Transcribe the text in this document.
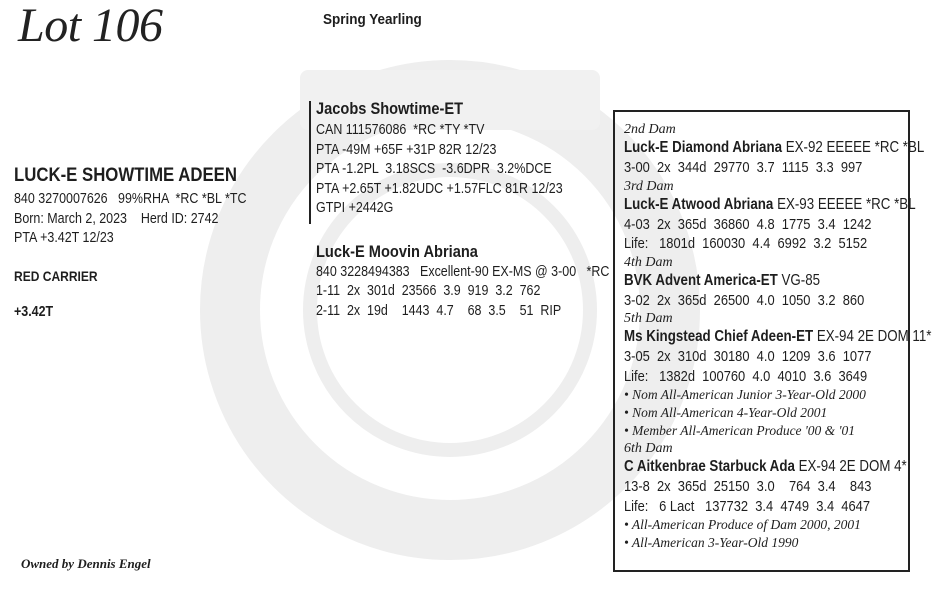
Lot 106	Spring Yearling
LUCK-E SHOWTIME ADEEN
840 3270007626   99%RHA  *RC *BL *TC
Born: March 2, 2023    Herd ID: 2742
PTA +3.42T 12/23
RED CARRIER
+3.42T
Owned by Dennis Engel
Jacobs Showtime-ET
CAN 111576086  *RC *TY *TV
PTA -49M +65F +31P 82R 12/23
PTA -1.2PL  3.18SCS  -3.6DPR  3.2%DCE
PTA +2.65T +1.82UDC +1.57FLC 81R 12/23
GTPI +2442G
Luck-E Moovin Abriana
840 3228494383   Excellent-90 EX-MS @ 3-00   *RC
1-11  2x  301d  23566  3.9  919  3.2  762
2-11  2x  19d    1443  4.7    68  3.5    51  RIP
2nd Dam
Luck-E Diamond Abriana EX-92 EEEEE *RC *BL
3-00  2x  344d  29770  3.7  1115  3.3  997
3rd Dam
Luck-E Atwood Abriana EX-93 EEEEE *RC *BL
4-03  2x  365d  36860  4.8  1775  3.4  1242
Life:   1801d  160030  4.4  6992  3.2  5152
4th Dam
BVK Advent America-ET VG-85
3-02  2x  365d  26500  4.0  1050  3.2  860
5th Dam
Ms Kingstead Chief Adeen-ET EX-94 2E DOM 11*
3-05  2x  310d  30180  4.0  1209  3.6  1077
Life:   1382d  100760  4.0  4010  3.6  3649
• Nom All-American Junior 3-Year-Old 2000
• Nom All-American 4-Year-Old 2001
• Member All-American Produce '00 & '01
6th Dam
C Aitkenbrae Starbuck Ada EX-94 2E DOM 4*
13-8  2x  365d  25150  3.0    764  3.4    843
Life:   6 Lact   137732  3.4  4749  3.4  4647
• All-American Produce of Dam 2000, 2001
• All-American 3-Year-Old 1990
